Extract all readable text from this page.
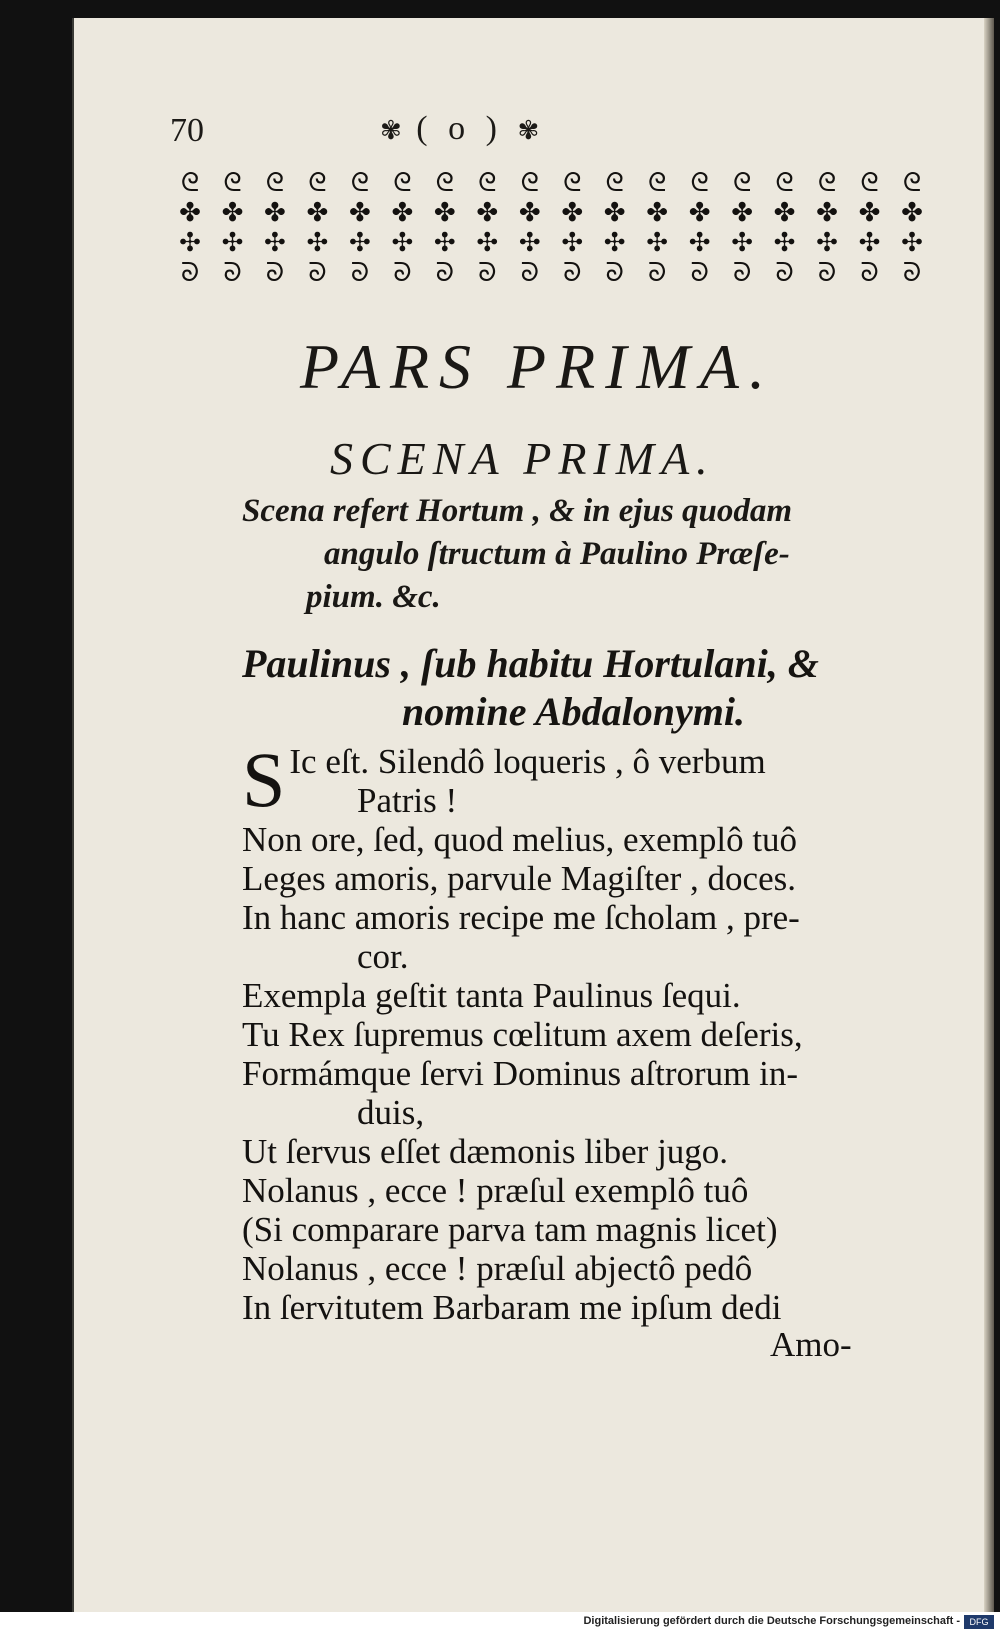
70	✾ ( o ) ✾
ᘓ ᘓ ᘓ ᘓ ᘓ ᘓ ᘓ ᘓ ᘓ ᘓ ᘓ ᘓ ᘓ ᘓ ᘓ ᘓ ᘓ ᘓ
✤ ✤ ✤ ✤ ✤ ✤ ✤ ✤ ✤ ✤ ✤ ✤ ✤ ✤ ✤ ✤ ✤ ✤
✣ ✣ ✣ ✣ ✣ ✣ ✣ ✣ ✣ ✣ ✣ ✣ ✣ ✣ ✣ ✣ ✣ ✣
ᘐ ᘐ ᘐ ᘐ ᘐ ᘐ ᘐ ᘐ ᘐ ᘐ ᘐ ᘐ ᘐ ᘐ ᘐ ᘐ ᘐ ᘐ
PARS PRIMA.
SCENA PRIMA.
Scena refert Hortum , & in ejus quodam
angulo ſtructum à Paulino Præſe-
pium. &c.
Paulinus , ſub habitu Hortulani, &
nomine Abdalonymi.
S Ic eſt. Silendô loqueris , ô verbum
Patris !
Non ore, ſed, quod melius, exemplô tuô
Leges amoris, parvule Magiſter , doces.
In hanc amoris recipe me ſcholam , pre-
cor.
Exempla geſtit tanta Paulinus ſequi.
Tu Rex ſupremus cœlitum axem deſeris,
Formámque ſervi Dominus aſtrorum in-
duis,
Ut ſervus eſſet dæmonis liber jugo.
Nolanus , ecce ! præſul exemplô tuô
(Si comparare parva tam magnis licet)
Nolanus , ecce ! præſul abjectô pedô
In ſervitutem Barbaram me ipſum dedi
Amo-
Digitalisierung gefördert durch die Deutsche Forschungsgemeinschaft -	DFG
